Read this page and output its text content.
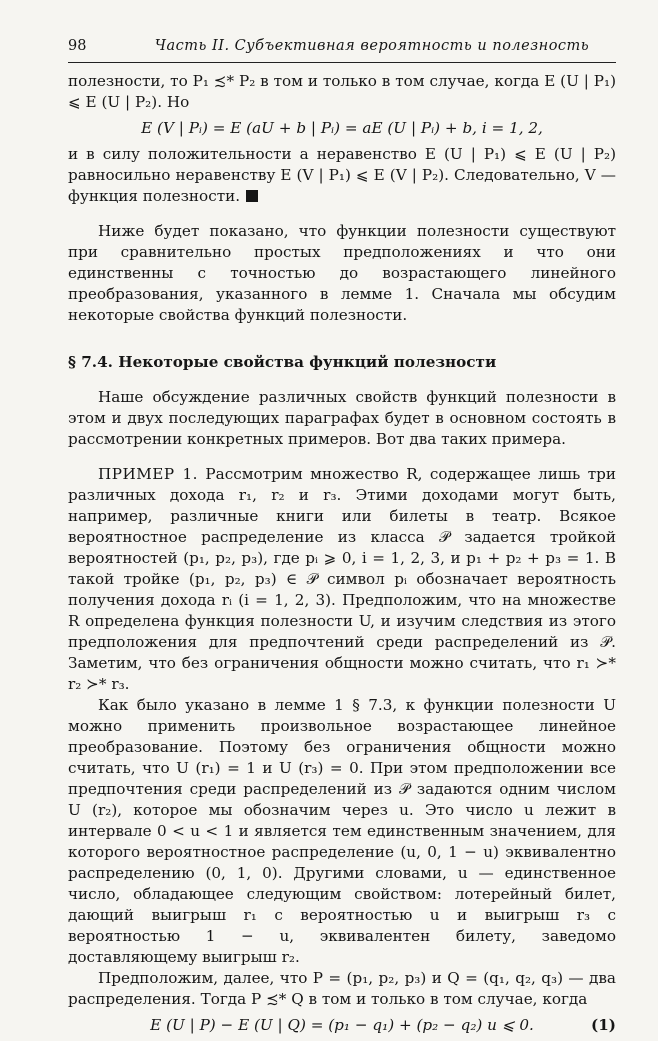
98	Часть II. Субъективная вероятность и полезность

полезности, то P₁ ≾* P₂ в том и только в том случае, когда E (U | P₁) ⩽ E (U | P₂). Но

E (V | Pᵢ) = E (aU + b | Pᵢ) = aE (U | Pᵢ) + b, i = 1, 2,

и в силу положительности a неравенство E (U | P₁) ⩽ E (U | P₂) равносильно неравенству E (V | P₁) ⩽ E (V | P₂). Следовательно, V — функция полезности.

Ниже будет показано, что функции полезности существуют при сравнительно простых предположениях и что они единственны с точностью до возрастающего линейного преобразования, указанного в лемме 1. Сначала мы обсудим некоторые свойства функций полезности.

§ 7.4. Некоторые свойства функций полезности

Наше обсуждение различных свойств функций полезности в этом и двух последующих параграфах будет в основном состоять в рассмотрении конкретных примеров. Вот два таких примера.

ПРИМЕР 1. Рассмотрим множество R, содержащее лишь три различных дохода r₁, r₂ и r₃. Этими доходами могут быть, например, различные книги или билеты в театр. Всякое вероятностное распределение из класса 𝒫 задается тройкой вероятностей (p₁, p₂, p₃), где pᵢ ⩾ 0, i = 1, 2, 3, и p₁ + p₂ + p₃ = 1. В такой тройке (p₁, p₂, p₃) ∈ 𝒫 символ pᵢ обозначает вероятность получения дохода rᵢ (i = 1, 2, 3). Предположим, что на множестве R определена функция полезности U, и изучим следствия из этого предположения для предпочтений среди распределений из 𝒫. Заметим, что без ограничения общности можно считать, что r₁ ≻* r₂ ≻* r₃.

Как было указано в лемме 1 § 7.3, к функции полезности U можно применить произвольное возрастающее линейное преобразование. Поэтому без ограничения общности можно считать, что U (r₁) = 1 и U (r₃) = 0. При этом предположении все предпочтения среди распределений из 𝒫 задаются одним числом U (r₂), которое мы обозначим через u. Это число u лежит в интервале 0 < u < 1 и является тем единственным значением, для которого вероятностное распределение (u, 0, 1 − u) эквивалентно распределению (0, 1, 0). Другими словами, u — единственное число, обладающее следующим свойством: лотерейный билет, дающий выигрыш r₁ с вероятностью u и выигрыш r₃ с вероятностью 1 − u, эквивалентен билету, заведомо доставляющему выигрыш r₂.

Предположим, далее, что P = (p₁, p₂, p₃) и Q = (q₁, q₂, q₃) — два распределения. Тогда P ≾* Q в том и только в том случае, когда

E (U | P) − E (U | Q) = (p₁ − q₁) + (p₂ − q₂) u ⩽ 0.	(1)
